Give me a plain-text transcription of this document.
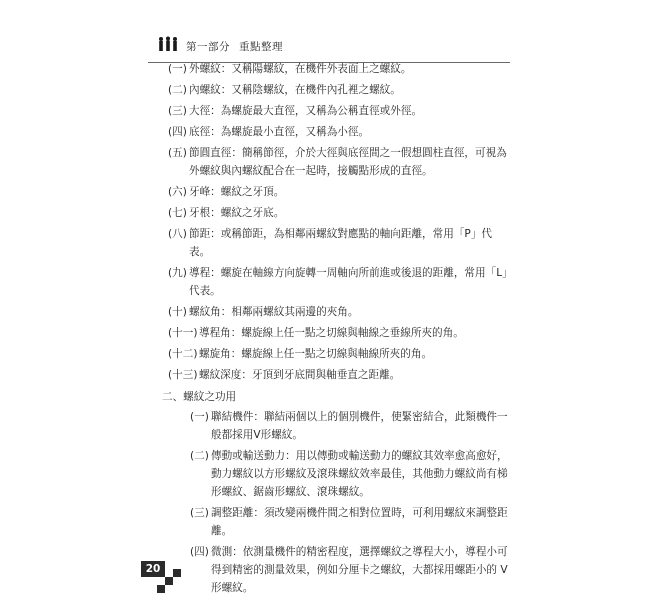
第一部分 重點整理
(一) 外螺紋：又稱陽螺紋，在機件外表面上之螺紋。
(二) 內螺紋：又稱陰螺紋，在機件內孔裡之螺紋。
(三) 大徑：為螺旋最大直徑，又稱為公稱直徑或外徑。
(四) 底徑：為螺旋最小直徑，又稱為小徑。
(五) 節圓直徑：簡稱節徑，介於大徑與底徑間之一假想圓柱直徑，可視為外螺紋與內螺紋配合在一起時，接觸點形成的直徑。
(六) 牙峰：螺紋之牙頂。
(七) 牙根：螺紋之牙底。
(八) 節距：或稱節距，為相鄰兩螺紋對應點的軸向距離，常用「P」代表。
(九) 導程：螺旋在軸線方向旋轉一周軸向所前進或後退的距離，常用「L」代表。
(十) 螺紋角：相鄰兩螺紋其兩邊的夾角。
(十一) 導程角：螺旋線上任一點之切線與軸線之垂線所夾的角。
(十二) 螺旋角：螺旋線上任一點之切線與軸線所夾的角。
(十三) 螺紋深度：牙頂到牙底間與軸垂直之距離。
二、螺紋之功用
(一) 聯結機件：聯結兩個以上的個別機件，使緊密結合，此類機件一般都採用V形螺紋。
(二) 傳動或輸送動力：用以傳動或輸送動力的螺紋其效率愈高愈好，動力螺紋以方形螺紋及滾珠螺紋效率最佳，其他動力螺紋尚有梯形螺紋、鋸齒形螺紋、滾珠螺紋。
(三) 調整距離：須改變兩機件間之相對位置時，可利用螺紋來調整距離。
(四) 微測：依測量機件的精密程度，選擇螺紋之導程大小，導程小可得到精密的測量效果，例如分厘卡之螺紋，大都採用螺距小的 V 形螺紋。
20
